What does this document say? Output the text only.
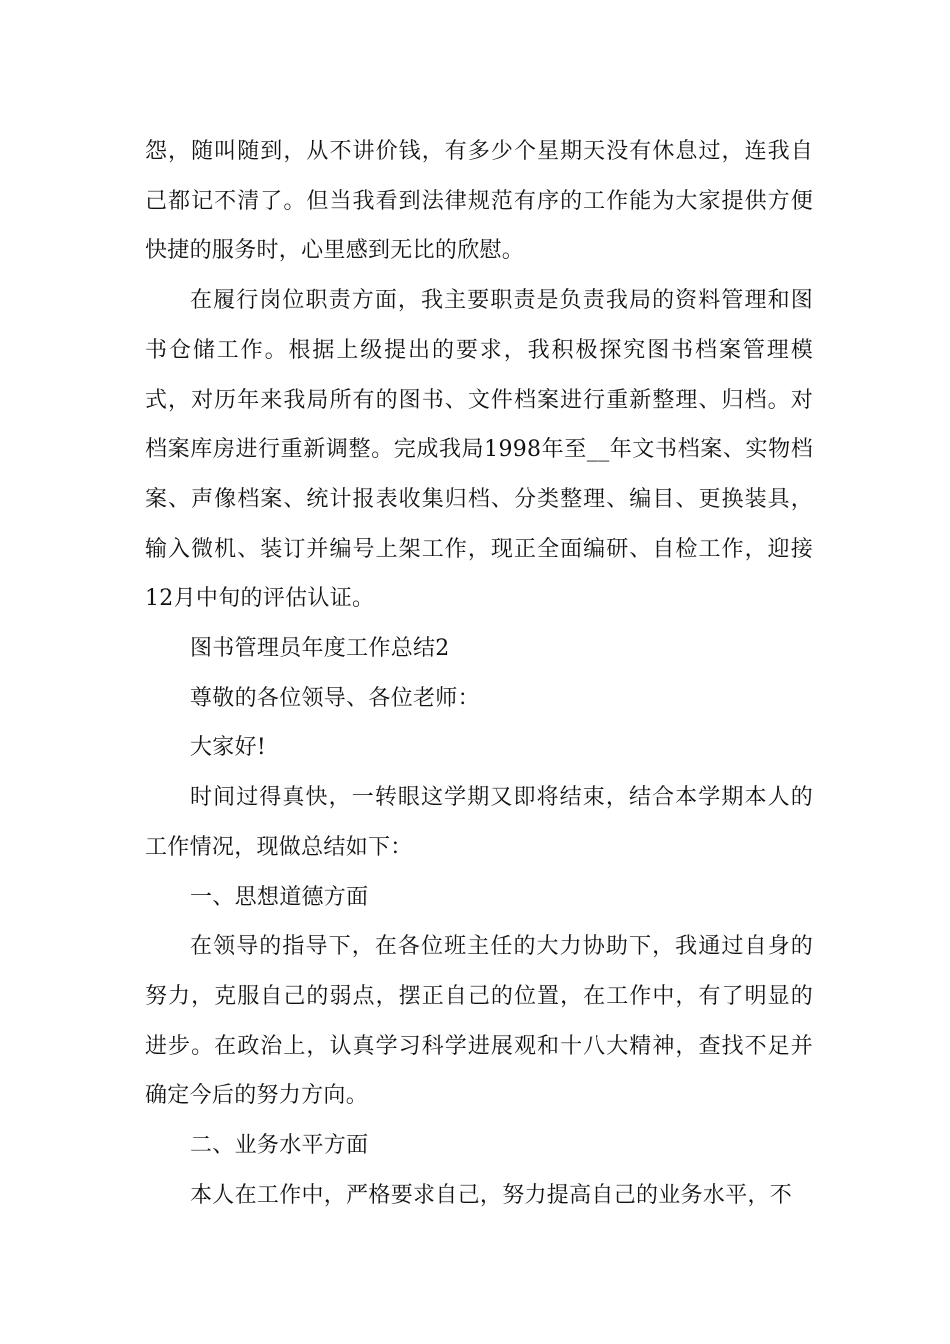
怨，随叫随到，从不讲价钱，有多少个星期天没有休息过，连我自己都记不清了。但当我看到法律规范有序的工作能为大家提供方便快捷的服务时，心里感到无比的欣慰。

在履行岗位职责方面，我主要职责是负责我局的资料管理和图书仓储工作。根据上级提出的要求，我积极探究图书档案管理模式，对历年来我局所有的图书、文件档案进行重新整理、归档。对档案库房进行重新调整。完成我局1998年至__年文书档案、实物档案、声像档案、统计报表收集归档、分类整理、编目、更换装具，输入微机、装订并编号上架工作，现正全面编研、自检工作，迎接12月中旬的评估认证。

图书管理员年度工作总结2

尊敬的各位领导、各位老师：

大家好!

时间过得真快，一转眼这学期又即将结束，结合本学期本人的工作情况，现做总结如下：

一、思想道德方面

在领导的指导下，在各位班主任的大力协助下，我通过自身的努力，克服自己的弱点，摆正自己的位置，在工作中，有了明显的进步。在政治上，认真学习科学进展观和十八大精神，查找不足并确定今后的努力方向。

二、业务水平方面

本人在工作中，严格要求自己，努力提高自己的业务水平，不
